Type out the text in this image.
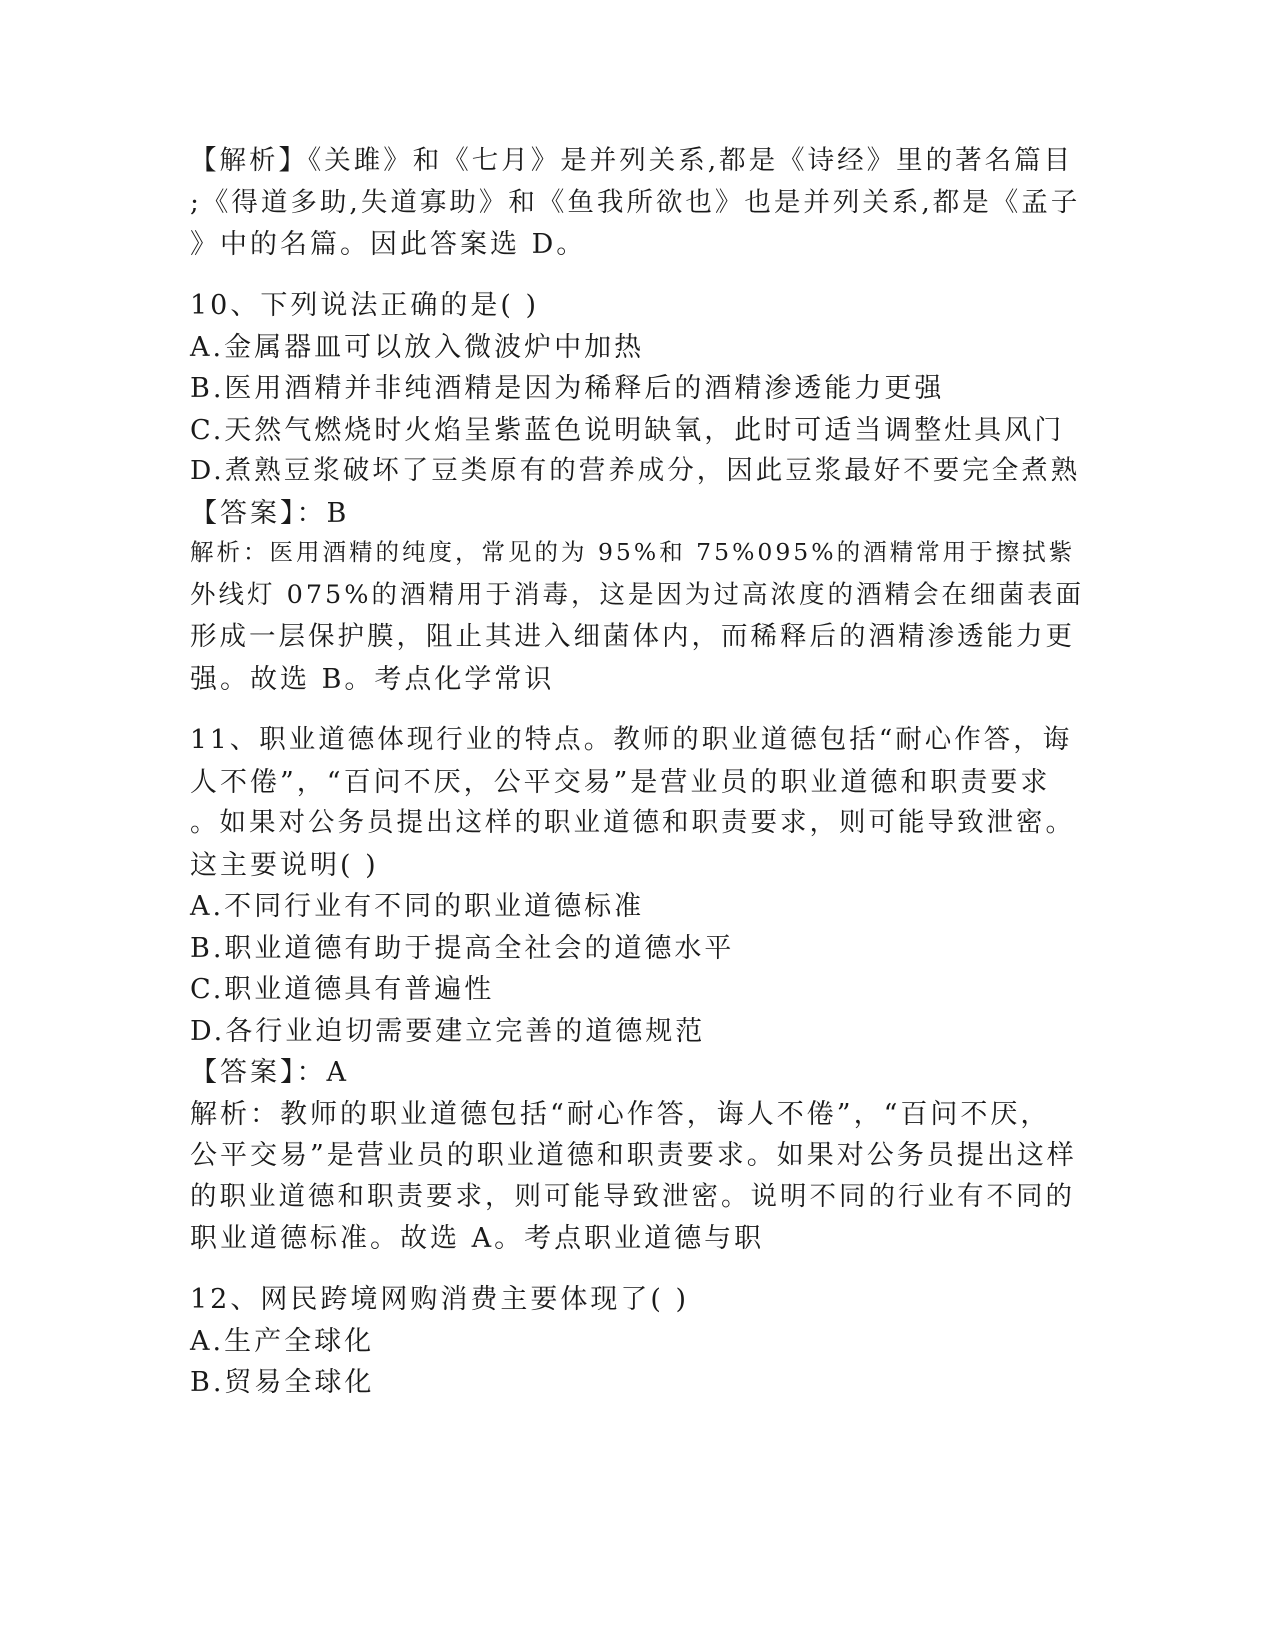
【解析】《关雎》和《七月》是并列关系,都是《诗经》里的著名篇目
;《得道多助,失道寡助》和《鱼我所欲也》也是并列关系,都是《孟子
》中的名篇。因此答案选 D。
10、下列说法正确的是( )
A.金属器皿可以放入微波炉中加热
B.医用酒精并非纯酒精是因为稀释后的酒精渗透能力更强
C.天然气燃烧时火焰呈紫蓝色说明缺氧，此时可适当调整灶具风门
D.煮熟豆浆破坏了豆类原有的营养成分，因此豆浆最好不要完全煮熟
【答案】：B
解析：医用酒精的纯度，常见的为 95%和 75%095%的酒精常用于擦拭紫
外线灯 075%的酒精用于消毒，这是因为过高浓度的酒精会在细菌表面
形成一层保护膜，阻止其进入细菌体内，而稀释后的酒精渗透能力更
强。故选 B。考点化学常识
11、职业道德体现行业的特点。教师的职业道德包括“耐心作答，诲
人不倦”，“百问不厌，公平交易”是营业员的职业道德和职责要求
。如果对公务员提出这样的职业道德和职责要求，则可能导致泄密。
这主要说明( )
A.不同行业有不同的职业道德标准
B.职业道德有助于提高全社会的道德水平
C.职业道德具有普遍性
D.各行业迫切需要建立完善的道德规范
【答案】：A
解析：教师的职业道德包括“耐心作答，诲人不倦”，“百问不厌，
公平交易”是营业员的职业道德和职责要求。如果对公务员提出这样
的职业道德和职责要求，则可能导致泄密。说明不同的行业有不同的
职业道德标准。故选 A。考点职业道德与职
12、网民跨境网购消费主要体现了( )
A.生产全球化
B.贸易全球化
